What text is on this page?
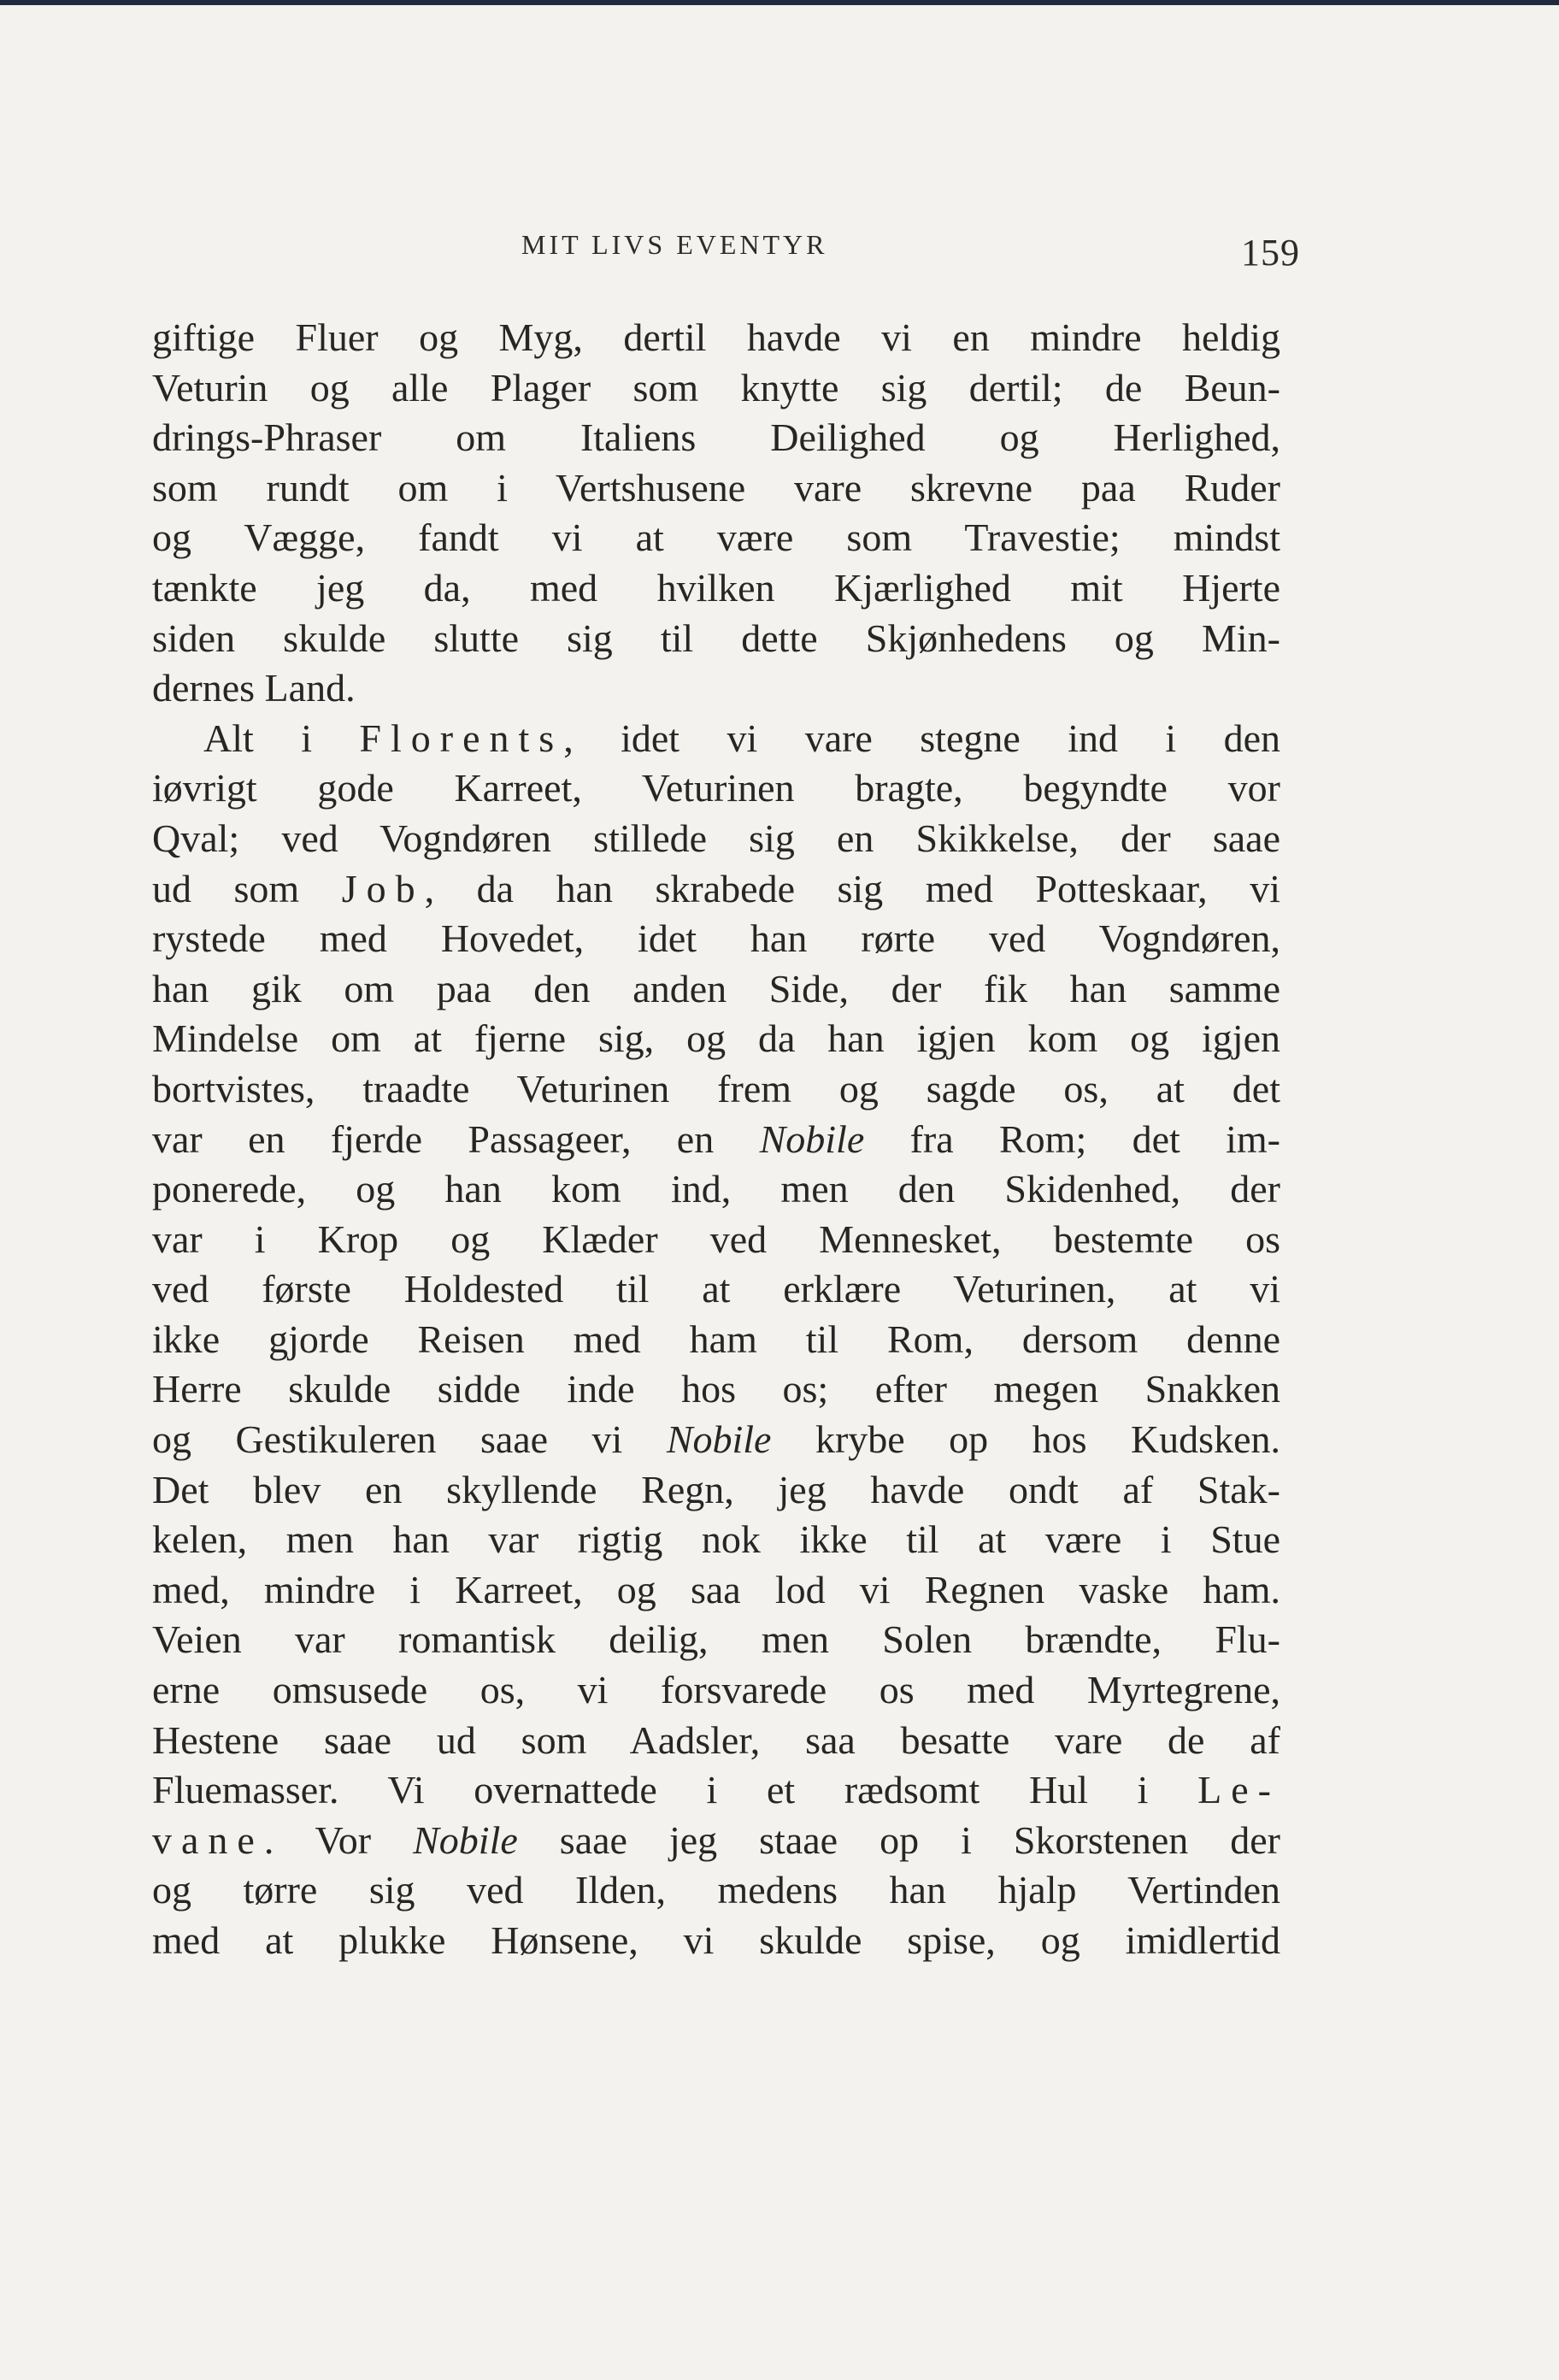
MIT LIVS EVENTYR	159
giftige Fluer og Myg, dertil havde vi en mindre heldig
Veturin og alle Plager som knytte sig dertil; de Beun-
drings-Phraser om Italiens Deilighed og Herlighed,
som rundt om i Vertshusene vare skrevne paa Ruder
og Vægge, fandt vi at være som Travestie; mindst
tænkte jeg da, med hvilken Kjærlighed mit Hjerte
siden skulde slutte sig til dette Skjønhedens og Min-
dernes Land.
Alt i Florents, idet vi vare stegne ind i den
iøvrigt gode Karreet, Veturinen bragte, begyndte vor
Qval; ved Vogndøren stillede sig en Skikkelse, der saae
ud som Job, da han skrabede sig med Potteskaar, vi
rystede med Hovedet, idet han rørte ved Vogndøren,
han gik om paa den anden Side, der fik han samme
Mindelse om at fjerne sig, og da han igjen kom og igjen
bortvistes, traadte Veturinen frem og sagde os, at det
var en fjerde Passageer, en Nobile fra Rom; det im-
ponerede, og han kom ind, men den Skidenhed, der
var i Krop og Klæder ved Mennesket, bestemte os
ved første Holdested til at erklære Veturinen, at vi
ikke gjorde Reisen med ham til Rom, dersom denne
Herre skulde sidde inde hos os; efter megen Snakken
og Gestikuleren saae vi Nobile krybe op hos Kudsken.
Det blev en skyllende Regn, jeg havde ondt af Stak-
kelen, men han var rigtig nok ikke til at være i Stue
med, mindre i Karreet, og saa lod vi Regnen vaske ham.
Veien var romantisk deilig, men Solen brændte, Flu-
erne omsusede os, vi forsvarede os med Myrtegrene,
Hestene saae ud som Aadsler, saa besatte vare de af
Fluemasser. Vi overnattede i et rædsomt Hul i Le-
vane. Vor Nobile saae jeg staae op i Skorstenen der
og tørre sig ved Ilden, medens han hjalp Vertinden
med at plukke Hønsene, vi skulde spise, og imidlertid
